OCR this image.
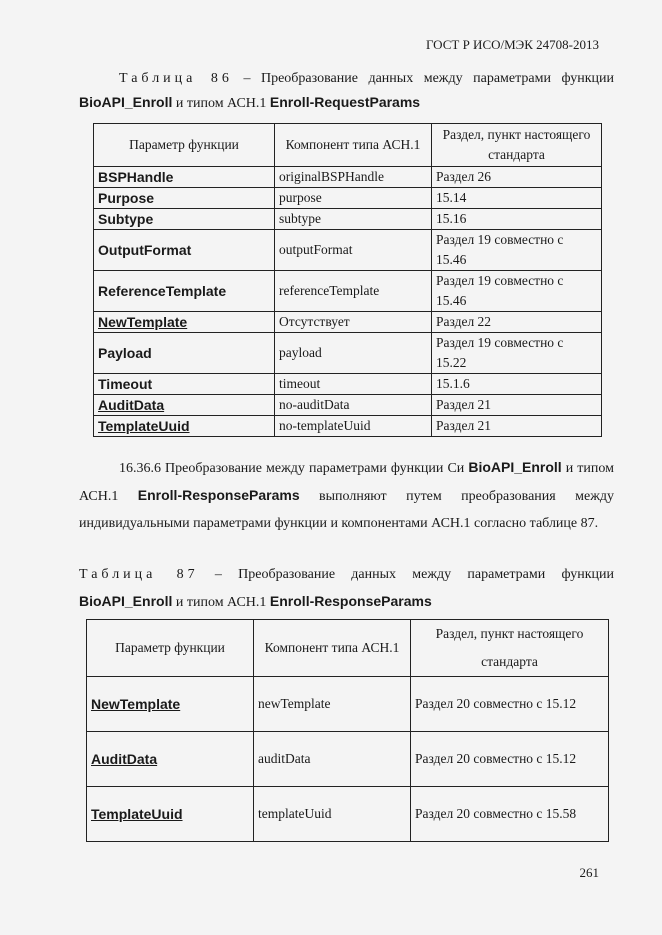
ГОСТ Р ИСО/МЭК 24708-2013
Таблица 86 – Преобразование данных между параметрами функции
BioAPI_Enroll и типом АСН.1 Enroll-RequestParams
Параметр функции	Компонент типа АСН.1	Раздел, пункт настоящего стандарта
BSPHandle	originalBSPHandle	Раздел 26
Purpose	purpose	15.14
Subtype	subtype	15.16
OutputFormat	outputFormat	Раздел 19 совместно с 15.46
ReferenceTemplate	referenceTemplate	Раздел 19 совместно с 15.46
NewTemplate	Отсутствует	Раздел 22
Payload	payload	Раздел 19 совместно с 15.22
Timeout	timeout	15.1.6
AuditData	no-auditData	Раздел 21
TemplateUuid	no-templateUuid	Раздел 21
16.36.6 Преобразование между параметрами функции Си BioAPI_Enroll и типом АСН.1 Enroll-ResponseParams выполняют путем преобразования между индивидуальными параметрами функции и компонентами АСН.1 согласно таблице 87.
Таблица 87 – Преобразование данных между параметрами функции
BioAPI_Enroll и типом АСН.1 Enroll-ResponseParams
Параметр функции	Компонент типа АСН.1	Раздел, пункт настоящего стандарта
NewTemplate	newTemplate	Раздел 20 совместно с 15.12
AuditData	auditData	Раздел 20 совместно с 15.12
TemplateUuid	templateUuid	Раздел 20 совместно с 15.58
261
